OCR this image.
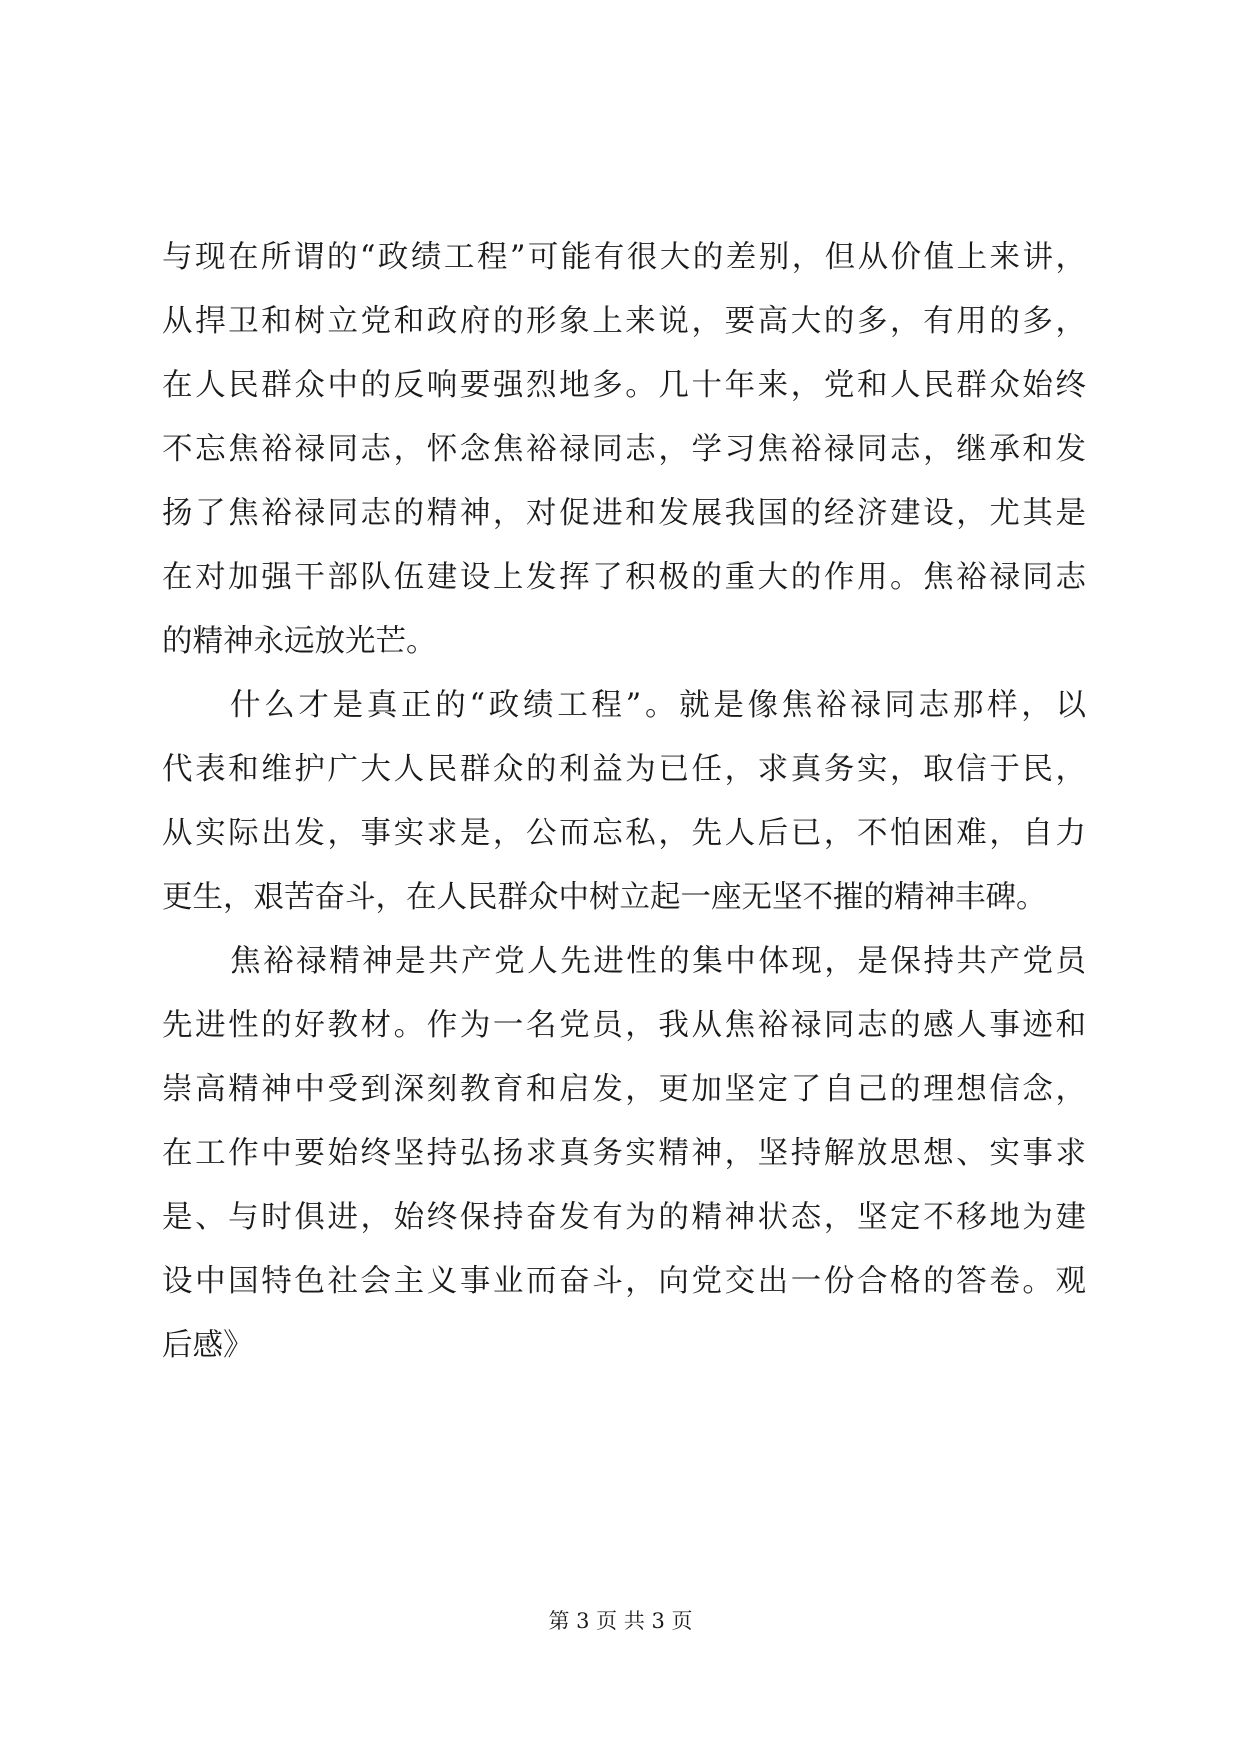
与现在所谓的“政绩工程”可能有很大的差别，但从价值上来讲，
从捍卫和树立党和政府的形象上来说，要高大的多，有用的多，
在人民群众中的反响要强烈地多。几十年来，党和人民群众始终
不忘焦裕禄同志，怀念焦裕禄同志，学习焦裕禄同志，继承和发
扬了焦裕禄同志的精神，对促进和发展我国的经济建设，尤其是
在对加强干部队伍建设上发挥了积极的重大的作用。焦裕禄同志
的精神永远放光芒。
什么才是真正的“政绩工程”。就是像焦裕禄同志那样，以
代表和维护广大人民群众的利益为已任，求真务实，取信于民，
从实际出发，事实求是，公而忘私，先人后已，不怕困难，自力
更生，艰苦奋斗，在人民群众中树立起一座无坚不摧的精神丰碑。
焦裕禄精神是共产党人先进性的集中体现，是保持共产党员
先进性的好教材。作为一名党员，我从焦裕禄同志的感人事迹和
崇高精神中受到深刻教育和启发，更加坚定了自己的理想信念，
在工作中要始终坚持弘扬求真务实精神，坚持解放思想、实事求
是、与时俱进，始终保持奋发有为的精神状态，坚定不移地为建
设中国特色社会主义事业而奋斗，向党交出一份合格的答卷。观
后感》
第 3 页 共 3 页
